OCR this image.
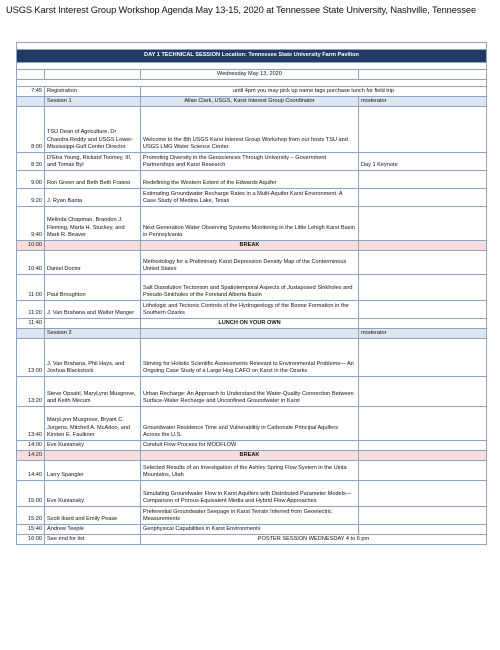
USGS Karst Interest Group Workshop Agenda May 13-15, 2020 at Tennessee State University, Nashville, Tennessee

DAY 1 TECHNICAL SESSION Location: Tennessee State University Farm Pavilion			

		Wednesday May 13, 2020	

7:45	Registration	until 4pm you may pick up name tags purchase lunch for field trip	
	Session 1	Allan Clark, USGS, Karst Interest Group Coordinator	moderator
8:00	TSU Dean of Agriculture, Dr Chandra Reddy and USGS Lower-Mississippi-Gulf Center Director	Welcome to the 8th USGS Karst Interest Group Workshop from our hosts TSU and USGS LMG Water Science Center	
8:30	D'Etra Young, Rickard Toomey, III, and Tomas Byl	Promoting Diversity in the Geosciences Through University – Government Partnerships and Karst Research	Day 1 Keynote
9:00	Ron Green and Beth Beth Fratesi	Redefining the Western Extent of the Edwards Aquifer	
9:20	J. Ryan Banta	Estimating Groundwater Recharge Rates in a Multi-Aquifer Karst Environment. A Case Study of Medina Lake, Texas	
9:40	Melinda Chapman, Brandon J. Fleming, Marla H. Stuckey, and Mark R. Beaver	Next Generation Water Observing Systems Monitoring in the Little Lehigh Karst Basin in Pennsylvania	
10:00		BREAK	
10:40	Daniel Doctor	Methodology for a Preliminary Karst Depression Density Map of the Conterminous United States	
11:00	Paul Broughton	Salt Dissolution Tectonism and Spatiotemporal Aspects of Juxtaposed Sinkholes and Pseudo-Sinkholes of the Foreland Alberta Basin	
11:20	J. Van Brahana and Walter Manger	Lithologic and Tectonic Controls of the Hydrogeology of the Boone Formation in the Southern Ozarks	
11:40		LUNCH ON YOUR OWN	
	Session 2		moderator
13:00	J. Van Brahana, Phil Hays, and Joshua Blackstock	Striving for Holistic Scientific Assessments Relevant to Environmental Problems— An Ongoing Case Study of a Large Hog CAFO on Karst in the Ozarks	
13:20	Steve Opsahl, MaryLynn Musgrove, and Keith Mecum	Urban Recharge: An Approach to Understand the Water-Quality Connection Between Surface-Water Recharge and Unconfined Groundwater in Karst	
13:40	MaryLynn Musgrove, Bryant C. Jurgens, Mitchell A. McAdoo, and Kirsten E. Faulkner	Groundwater Residence Time and Vulnerability in Carbonate Principal Aquifers Across the U.S.	
14:00	Eve Kuniansky	Conduit Flow Process for MODFLOW	
14:20		BREAK	
14:40	Larry Spangler	Selected Results of an Investigation of the Ashley Spring Flow System in the Uinta Mountains, Utah	
15:00	Eve Kuniansky	Simulating Groundwater Flow in Karst Aquifers with Distributed Parameter Models—Comparison of Porous-Equivalent Media and Hybrid Flow Approaches	
15:20	Scott Ikard and Emily Pease	Preferential Groundwater Seepage in Karst Terrain Inferred from Geoelectric Measurements	
15:40	Andrew Teeple	Geophysical Capabilities in Karst Environments	
16:00	See end for list	POSTER SESSION WEDNESDAY 4 to 6 pm	
